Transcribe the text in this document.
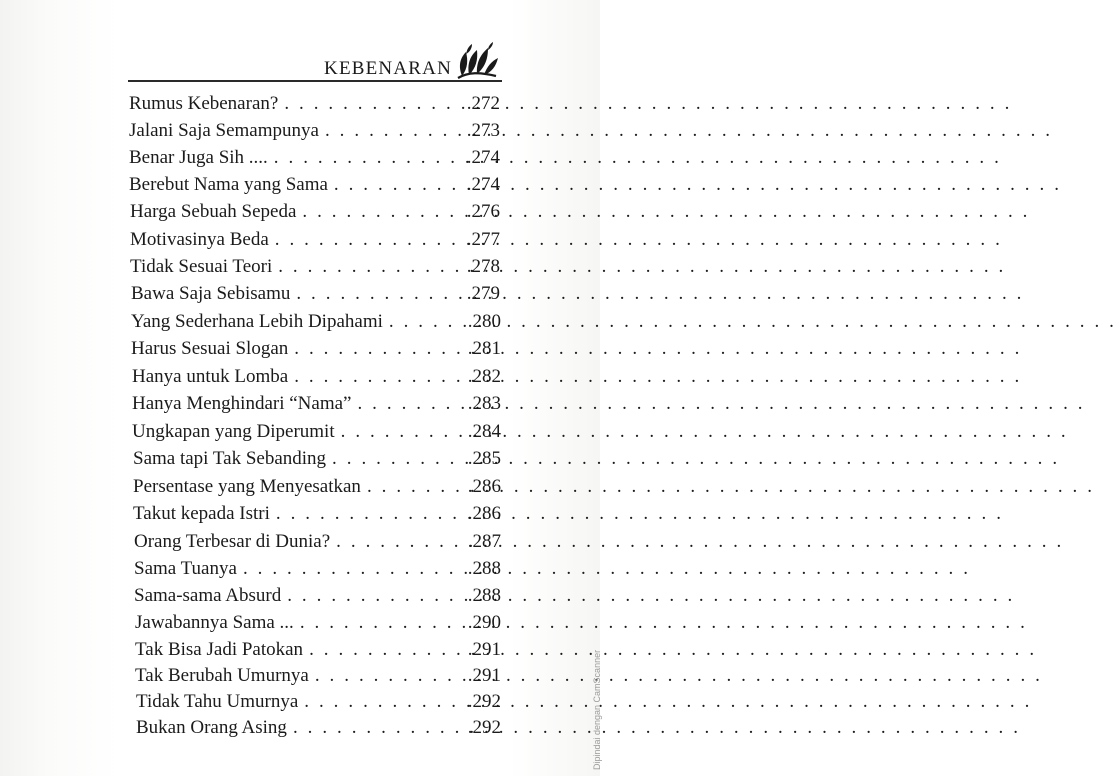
KEBENARAN
Rumus Kebenaran? . . .	.272
Jalani Saja Semampunya . . .	.273
Benar Juga Sih .... . . .	.274
Berebut Nama yang Sama . . .	.274
Harga Sebuah Sepeda . . .	.276
Motivasinya Beda . . .	.277
Tidak Sesuai Teori . . .	.278
Bawa Saja Sebisamu . . .	.279
Yang Sederhana Lebih Dipahami . . .	.280
Harus Sesuai Slogan . . .	.281
Hanya untuk Lomba . . .	.282
Hanya Menghindari “Nama” . . .	.283
Ungkapan yang Diperumit . . .	.284
Sama tapi Tak Sebanding . . .	.285
Persentase yang Menyesatkan . . .	.286
Takut kepada Istri . . .	.286
Orang Terbesar di Dunia? . . .	.287
Sama Tuanya . . .	.288
Sama-sama Absurd . . .	.288
Jawabannya Sama ... . . .	.290
Tak Bisa Jadi Patokan . . .	.291
Tak Berubah Umurnya . . .	.291
Tidak Tahu Umurnya . . .	.292
Bukan Orang Asing . . .	.292	Dipindai dengan CamScanner
